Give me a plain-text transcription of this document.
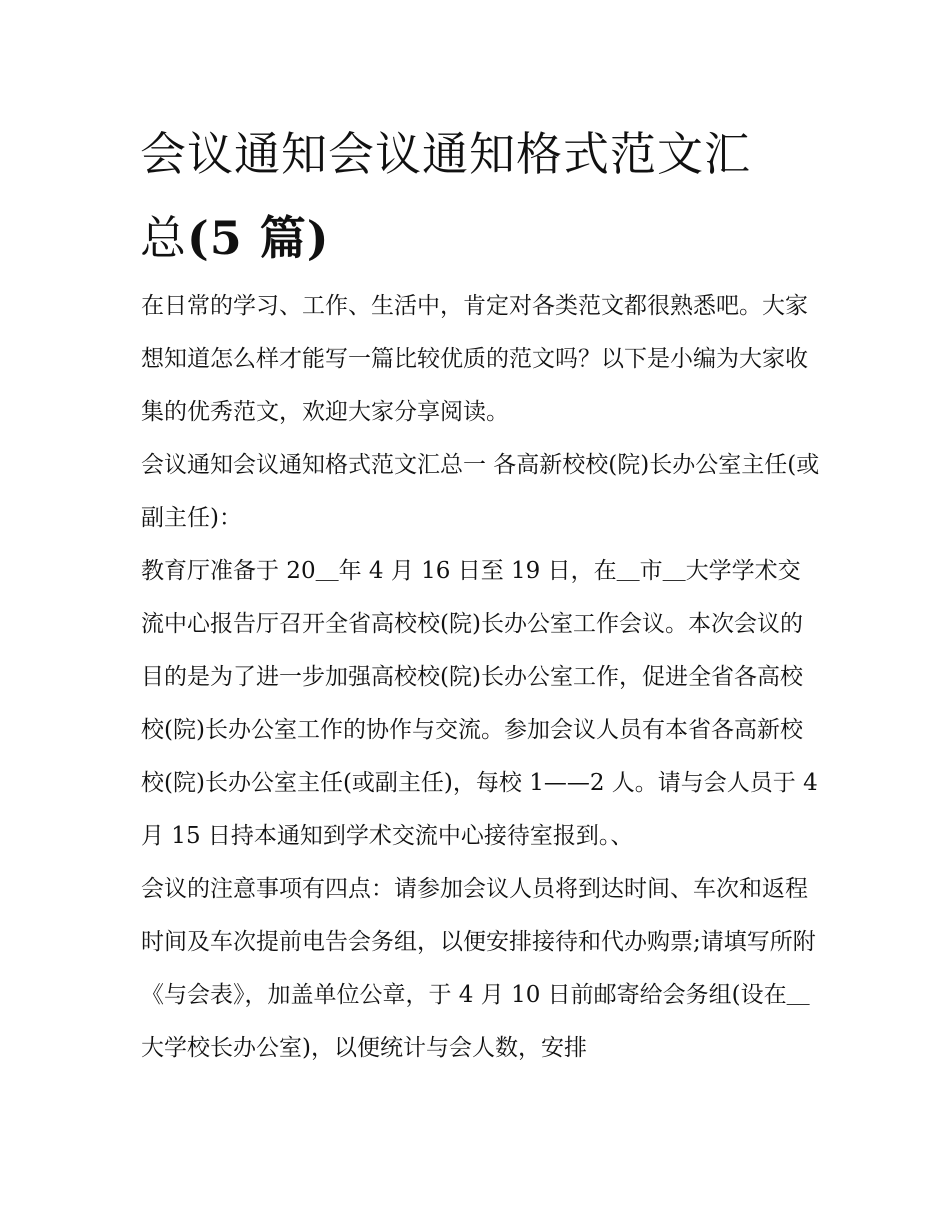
会议通知会议通知格式范文汇
总(5 篇)

在日常的学习、工作、生活中，肯定对各类范文都很熟悉吧。大家想知道怎么样才能写一篇比较优质的范文吗？以下是小编为大家收集的优秀范文，欢迎大家分享阅读。

会议通知会议通知格式范文汇总一 各高新校校(院)长办公室主任(或副主任)：

教育厅准备于 20＿年 4 月 16 日至 19 日，在＿市＿大学学术交流中心报告厅召开全省高校校(院)长办公室工作会议。本次会议的目的是为了进一步加强高校校(院)长办公室工作，促进全省各高校校(院)长办公室工作的协作与交流。参加会议人员有本省各高新校校(院)长办公室主任(或副主任)，每校 1——2 人。请与会人员于 4 月 15 日持本通知到学术交流中心接待室报到。、

会议的注意事项有四点：请参加会议人员将到达时间、车次和返程时间及车次提前电告会务组，以便安排接待和代办购票;请填写所附《与会表》，加盖单位公章，于 4 月 10 日前邮寄给会务组(设在＿大学校长办公室)，以便统计与会人数，安排
